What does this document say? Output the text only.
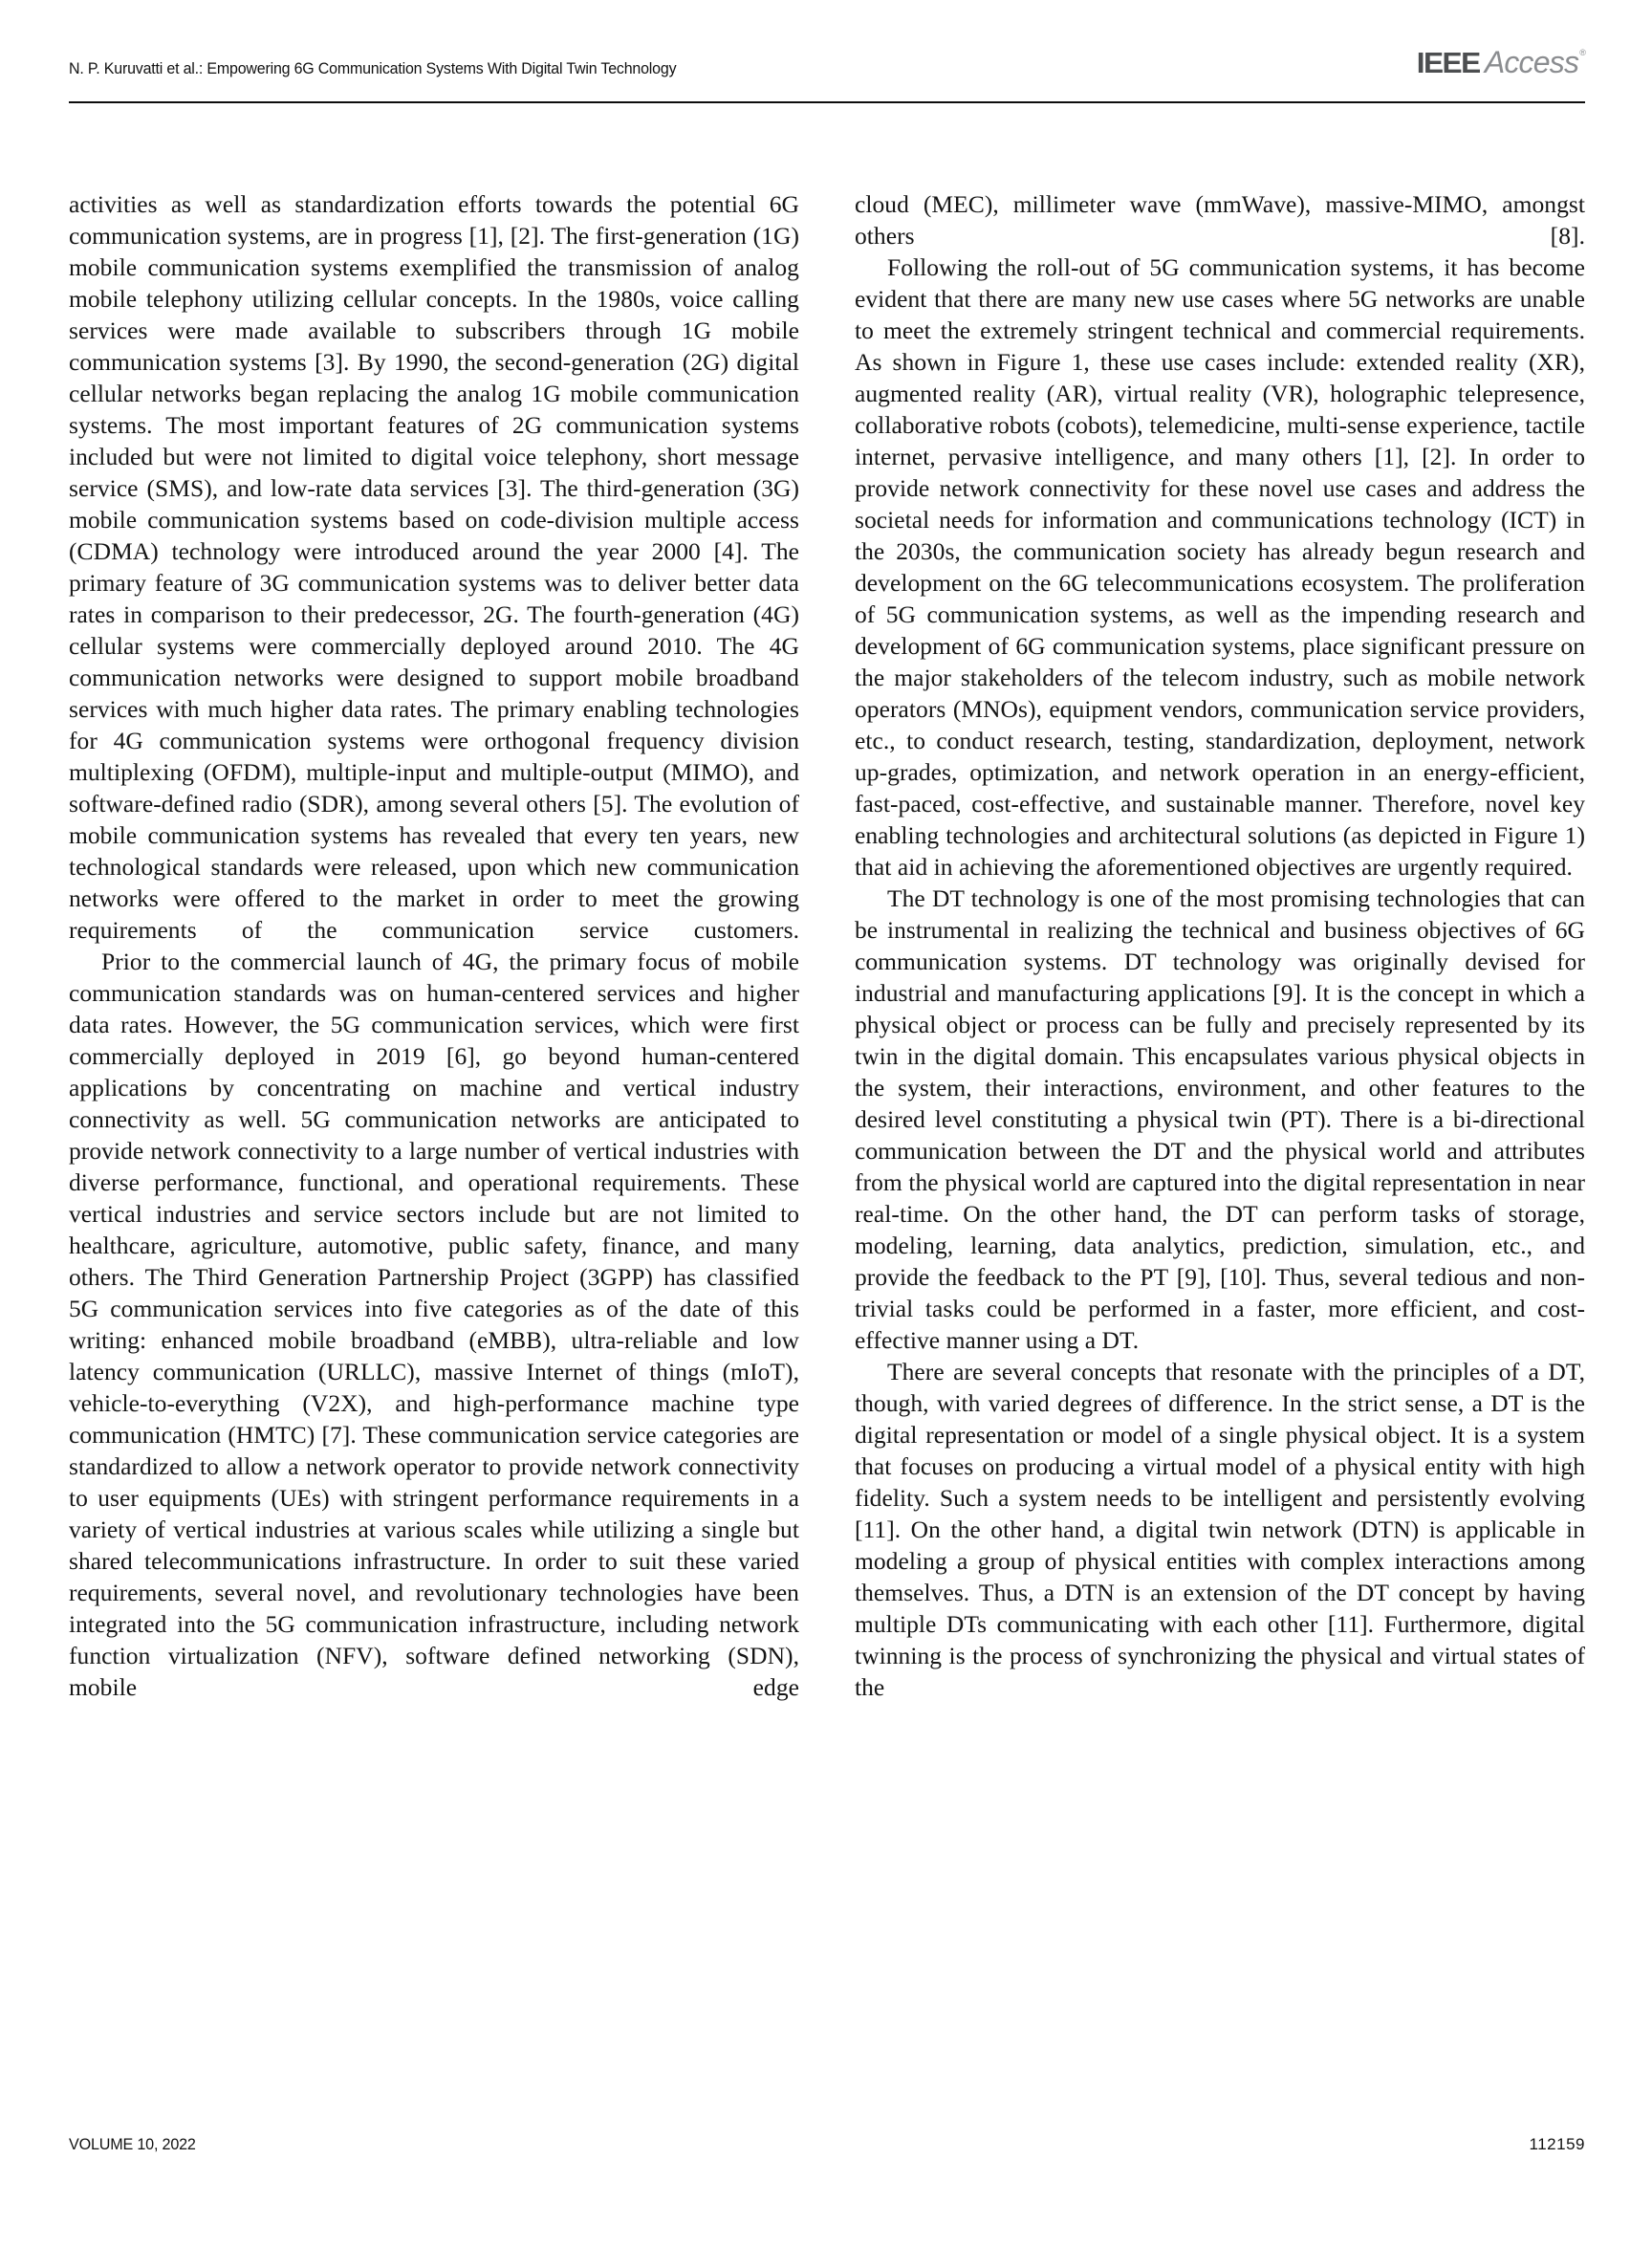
N. P. Kuruvatti et al.: Empowering 6G Communication Systems With Digital Twin Technology	IEEE Access®

activities as well as standardization efforts towards the potential 6G communication systems, are in progress [1], [2]. The first-generation (1G) mobile communication systems exemplified the transmission of analog mobile telephony utilizing cellular concepts. In the 1980s, voice calling services were made available to subscribers through 1G mobile communication systems [3]. By 1990, the second-generation (2G) digital cellular networks began replacing the analog 1G mobile communication systems. The most important features of 2G communication systems included but were not limited to digital voice telephony, short message service (SMS), and low-rate data services [3]. The third-generation (3G) mobile communication systems based on code-division multiple access (CDMA) technology were introduced around the year 2000 [4]. The primary feature of 3G communication systems was to deliver better data rates in comparison to their predecessor, 2G. The fourth-generation (4G) cellular systems were commercially deployed around 2010. The 4G communication networks were designed to support mobile broadband services with much higher data rates. The primary enabling technologies for 4G communication systems were orthogonal frequency division multiplexing (OFDM), multiple-input and multiple-output (MIMO), and software-defined radio (SDR), among several others [5]. The evolution of mobile communication systems has revealed that every ten years, new technological standards were released, upon which new communication networks were offered to the market in order to meet the growing requirements of the communication service customers.

Prior to the commercial launch of 4G, the primary focus of mobile communication standards was on human-centered services and higher data rates. However, the 5G communication services, which were first commercially deployed in 2019 [6], go beyond human-centered applications by concentrating on machine and vertical industry connectivity as well. 5G communication networks are anticipated to provide network connectivity to a large number of vertical industries with diverse performance, functional, and operational requirements. These vertical industries and service sectors include but are not limited to healthcare, agriculture, automotive, public safety, finance, and many others. The Third Generation Partnership Project (3GPP) has classified 5G communication services into five categories as of the date of this writing: enhanced mobile broadband (eMBB), ultra-reliable and low latency communication (URLLC), massive Internet of things (mIoT), vehicle-to-everything (V2X), and high-performance machine type communication (HMTC) [7]. These communication service categories are standardized to allow a network operator to provide network connectivity to user equipments (UEs) with stringent performance requirements in a variety of vertical industries at various scales while utilizing a single but shared telecommunications infrastructure. In order to suit these varied requirements, several novel, and revolutionary technologies have been integrated into the 5G communication infrastructure, including network function virtualization (NFV), software defined networking (SDN), mobile edge

cloud (MEC), millimeter wave (mmWave), massive-MIMO, amongst others [8].

Following the roll-out of 5G communication systems, it has become evident that there are many new use cases where 5G networks are unable to meet the extremely stringent technical and commercial requirements. As shown in Figure 1, these use cases include: extended reality (XR), augmented reality (AR), virtual reality (VR), holographic telepresence, collaborative robots (cobots), telemedicine, multi-sense experience, tactile internet, pervasive intelligence, and many others [1], [2]. In order to provide network connectivity for these novel use cases and address the societal needs for information and communications technology (ICT) in the 2030s, the communication society has already begun research and development on the 6G telecommunications ecosystem. The proliferation of 5G communication systems, as well as the impending research and development of 6G communication systems, place significant pressure on the major stakeholders of the telecom industry, such as mobile network operators (MNOs), equipment vendors, communication service providers, etc., to conduct research, testing, standardization, deployment, network up-grades, optimization, and network operation in an energy-efficient, fast-paced, cost-effective, and sustainable manner. Therefore, novel key enabling technologies and architectural solutions (as depicted in Figure 1) that aid in achieving the aforementioned objectives are urgently required.

The DT technology is one of the most promising technologies that can be instrumental in realizing the technical and business objectives of 6G communication systems. DT technology was originally devised for industrial and manufacturing applications [9]. It is the concept in which a physical object or process can be fully and precisely represented by its twin in the digital domain. This encapsulates various physical objects in the system, their interactions, environment, and other features to the desired level constituting a physical twin (PT). There is a bi-directional communication between the DT and the physical world and attributes from the physical world are captured into the digital representation in near real-time. On the other hand, the DT can perform tasks of storage, modeling, learning, data analytics, prediction, simulation, etc., and provide the feedback to the PT [9], [10]. Thus, several tedious and non-trivial tasks could be performed in a faster, more efficient, and cost-effective manner using a DT.

There are several concepts that resonate with the principles of a DT, though, with varied degrees of difference. In the strict sense, a DT is the digital representation or model of a single physical object. It is a system that focuses on producing a virtual model of a physical entity with high fidelity. Such a system needs to be intelligent and persistently evolving [11]. On the other hand, a digital twin network (DTN) is applicable in modeling a group of physical entities with complex interactions among themselves. Thus, a DTN is an extension of the DT concept by having multiple DTs communicating with each other [11]. Furthermore, digital twinning is the process of synchronizing the physical and virtual states of the

VOLUME 10, 2022	112159
